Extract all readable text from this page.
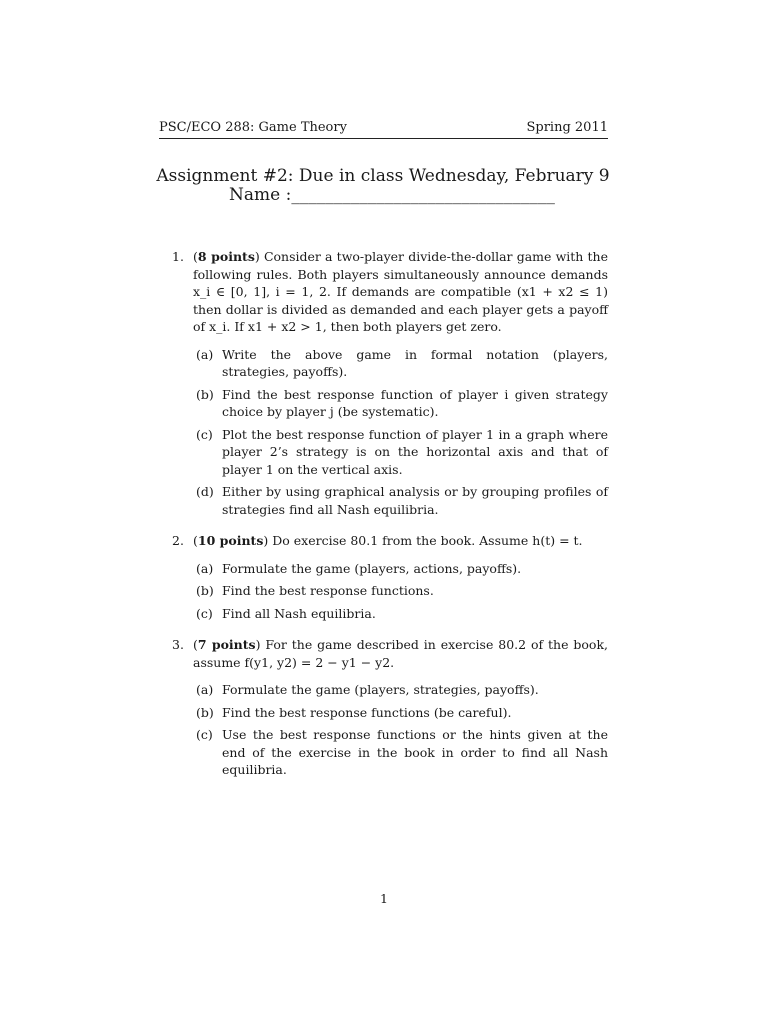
PSC/ECO 288: Game Theory	Spring 2011
Assignment #2: Due in class Wednesday, February 9
Name :_______________________________
1. (8 points) Consider a two-player divide-the-dollar game with the following rules. Both players simultaneously announce demands x_i ∈ [0, 1], i = 1, 2. If demands are compatible (x1 + x2 ≤ 1) then dollar is divided as demanded and each player gets a payoff of x_i. If x1 + x2 > 1, then both players get zero.

(a) Write the above game in formal notation (players, strategies, payoffs).
(b) Find the best response function of player i given strategy choice by player j (be systematic).
(c) Plot the best response function of player 1 in a graph where player 2’s strategy is on the horizontal axis and that of player 1 on the vertical axis.
(d) Either by using graphical analysis or by grouping profiles of strategies find all Nash equilibria.
2. (10 points) Do exercise 80.1 from the book. Assume h(t) = t.

(a) Formulate the game (players, actions, payoffs).
(b) Find the best response functions.
(c) Find all Nash equilibria.
3. (7 points) For the game described in exercise 80.2 of the book, assume f(y1, y2) = 2 − y1 − y2.

(a) Formulate the game (players, strategies, payoffs).
(b) Find the best response functions (be careful).
(c) Use the best response functions or the hints given at the end of the exercise in the book in order to find all Nash equilibria.
1
